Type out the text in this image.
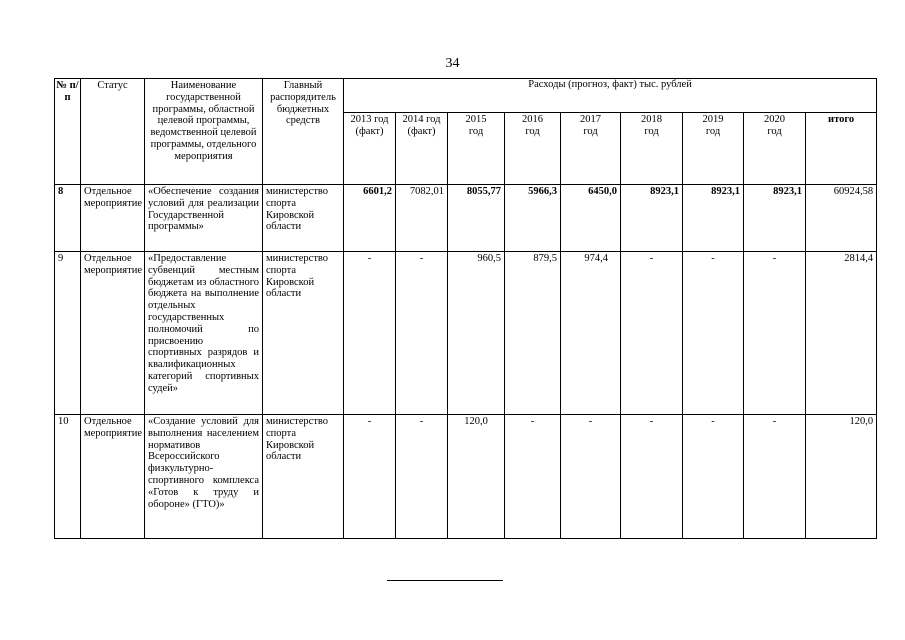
34
№ п/п	Статус	Наименование государственной программы, областной целевой программы, ведомственной целевой программы, отдельного мероприятия	Главный распорядитель бюджетных средств	Расходы (прогноз, факт) тыс. рублей								
				2013 год (факт)	2014 год (факт)	2015 год	2016 год	2017 год	2018 год	2019 год	2020 год	итого
8	Отдельное мероприятие	«Обеспечение создания условий для реализации Государственной программы»	министерство спорта Кировской области	6601,2	7082,01	8055,77	5966,3	6450,0	8923,1	8923,1	8923,1	60924,58
9	Отдельное мероприятие	«Предоставление субвенций местным бюджетам из областного бюджета на выполнение отдельных государственных полномочий по присвоению спортивных разрядов и квалификационных категорий спортивных судей»	министерство спорта Кировской области	-	-	960,5	879,5	974,4	-	-	-	2814,4
10	Отдельное мероприятие	«Создание условий для выполнения населением нормативов Всероссийского физкультурно-спортивного комплекса «Готов к труду и обороне» (ГТО)»	министерство спорта Кировской области	-	-	120,0	-	-	-	-	-	120,0
